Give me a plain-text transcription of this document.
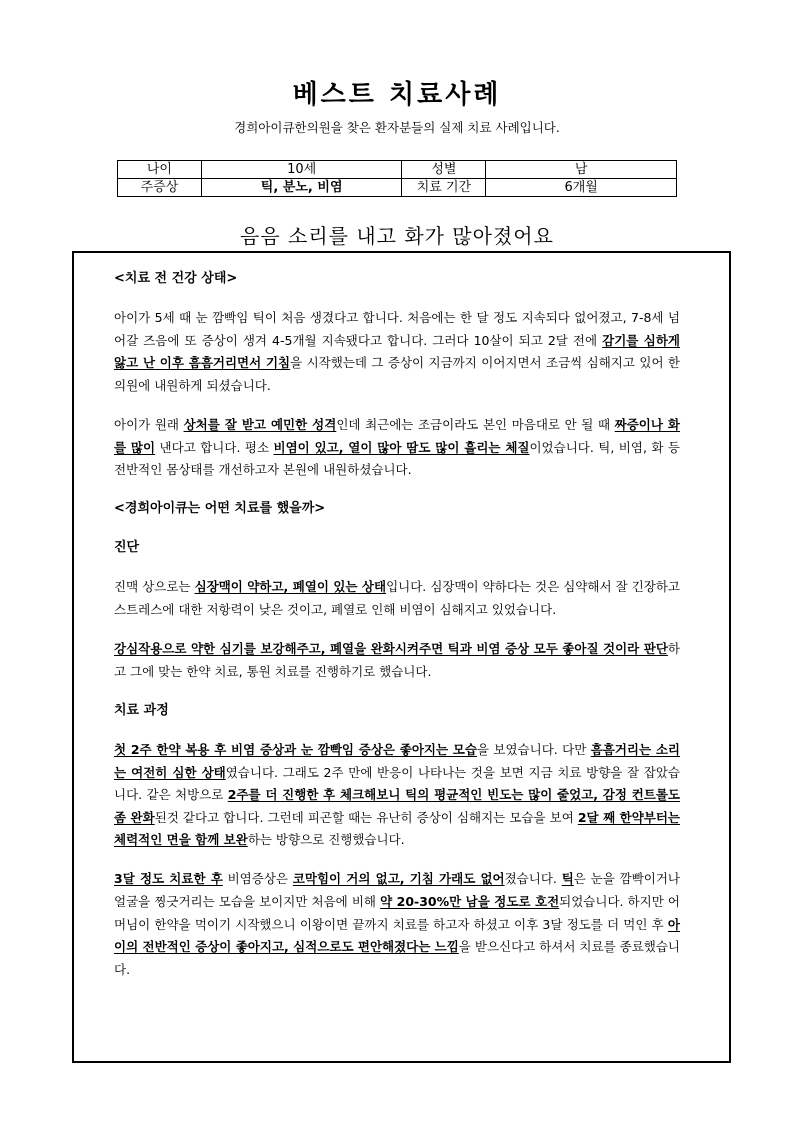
베스트 치료사례
경희아이큐한의원을 찾은 환자분들의 실제 치료 사례입니다.
나이	10세	성별	남
주증상	틱, 분노, 비염	치료 기간	6개월
음음 소리를 내고 화가 많아졌어요

<치료 전 건강 상태>

아이가 5세 때 눈 깜빡임 틱이 처음 생겼다고 합니다. 처음에는 한 달 정도 지속되다 없어졌고, 7-8세 넘어갈 즈음에 또 증상이 생겨 4-5개월 지속됐다고 합니다. 그러다 10살이 되고 2달 전에 감기를 심하게 앓고 난 이후 흠흠거리면서 기침을 시작했는데 그 증상이 지금까지 이어지면서 조금씩 심해지고 있어 한의원에 내원하게 되셨습니다.

아이가 원래 상처를 잘 받고 예민한 성격인데 최근에는 조금이라도 본인 마음대로 안 될 때 짜증이나 화를 많이 낸다고 합니다. 평소 비염이 있고, 열이 많아 땀도 많이 흘리는 체질이었습니다. 틱, 비염, 화 등 전반적인 몸상태를 개선하고자 본원에 내원하셨습니다.

<경희아이큐는 어떤 치료를 했을까>

진단

진맥 상으로는 심장맥이 약하고, 폐열이 있는 상태입니다. 심장맥이 약하다는 것은 심약해서 잘 긴장하고 스트레스에 대한 저항력이 낮은 것이고, 폐열로 인해 비염이 심해지고 있었습니다.

강심작용으로 약한 심기를 보강해주고, 폐열을 완화시켜주면 틱과 비염 증상 모두 좋아질 것이라 판단하고 그에 맞는 한약 치료, 통원 치료를 진행하기로 했습니다.

치료 과정

첫 2주 한약 복용 후 비염 증상과 눈 깜빡임 증상은 좋아지는 모습을 보였습니다. 다만 흠흠거리는 소리는 여전히 심한 상태였습니다. 그래도 2주 만에 반응이 나타나는 것을 보면 지금 치료 방향을 잘 잡았습니다. 같은 처방으로 2주를 더 진행한 후 체크해보니 틱의 평균적인 빈도는 많이 줄었고, 감정 컨트롤도 좀 완화된것 같다고 합니다. 그런데 피곤할 때는 유난히 증상이 심해지는 모습을 보여 2달 째 한약부터는 체력적인 면을 함께 보완하는 방향으로 진행했습니다.

3달 정도 치료한 후 비염증상은 코막힘이 거의 없고, 기침 가래도 없어졌습니다. 틱은 눈을 깜빡이거나 얼굴을 찡긋거리는 모습을 보이지만 처음에 비해 약 20-30%만 남을 정도로 호전되었습니다. 하지만 어머님이 한약을 먹이기 시작했으니 이왕이면 끝까지 치료를 하고자 하셨고 이후 3달 정도를 더 먹인 후 아이의 전반적인 증상이 좋아지고, 심적으로도 편안해졌다는 느낌을 받으신다고 하셔서 치료를 종료했습니다.
